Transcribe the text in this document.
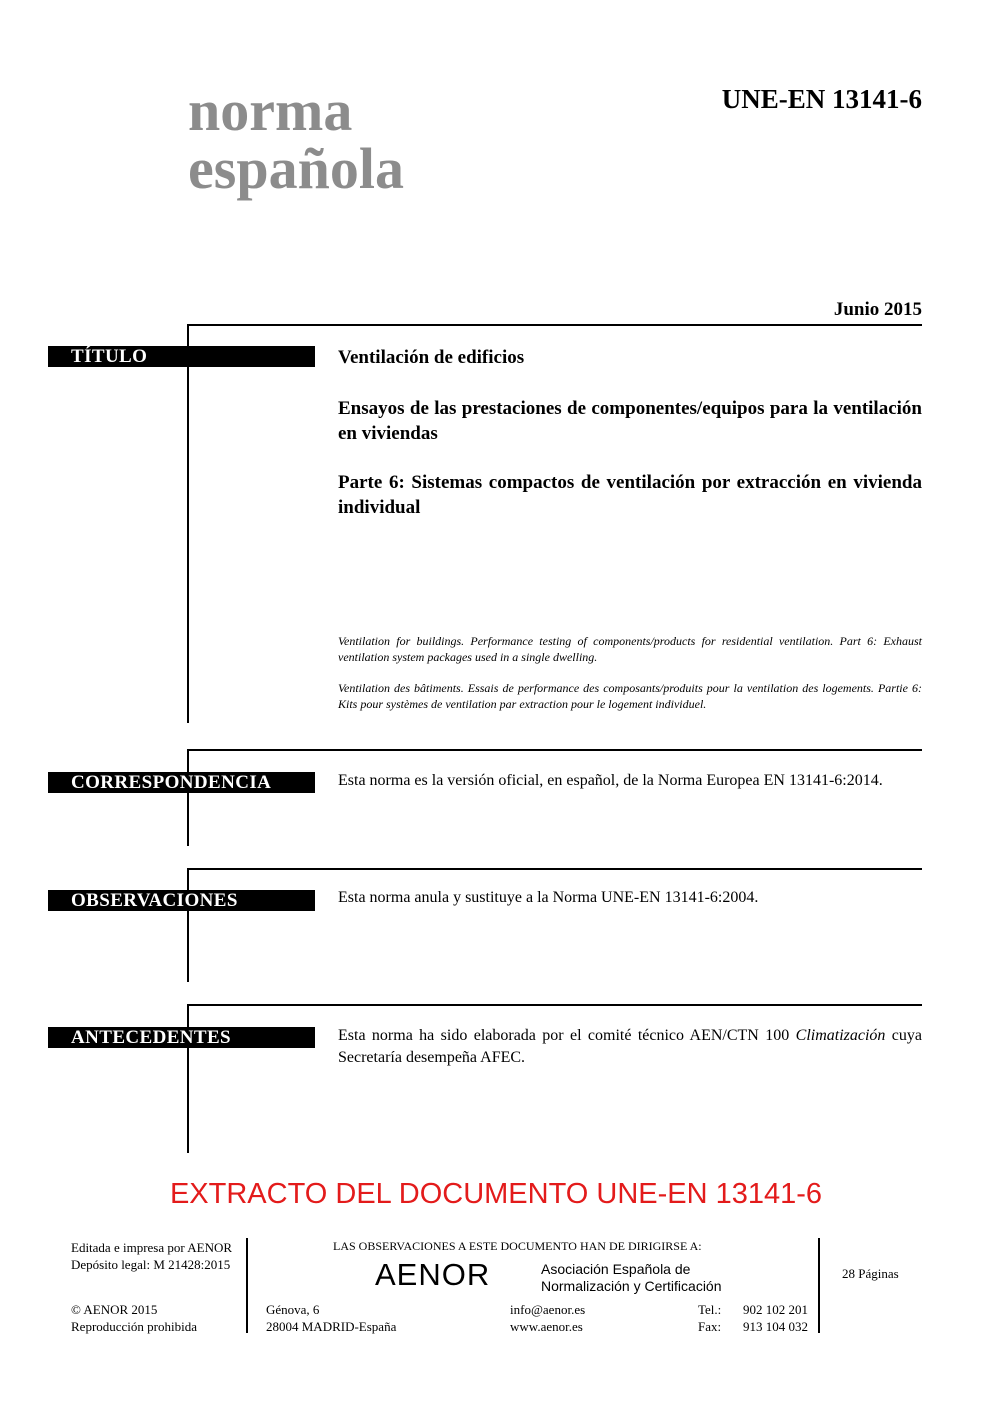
norma
española
UNE-EN 13141-6
Junio 2015
TÍTULO	Ventilación de edificios
Ensayos de las prestaciones de componentes/equipos para la ventilación en viviendas
Parte 6: Sistemas compactos de ventilación por extracción en vivienda individual
Ventilation for buildings. Performance testing of components/products for residential ventilation. Part 6: Exhaust ventilation system packages used in a single dwelling.
Ventilation des bâtiments. Essais de performance des composants/produits pour la ventilation des logements. Partie 6: Kits pour systèmes de ventilation par extraction pour le logement individuel.
CORRESPONDENCIA	Esta norma es la versión oficial, en español, de la Norma Europea EN 13141-6:2014.
OBSERVACIONES	Esta norma anula y sustituye a la Norma UNE-EN 13141-6:2004.
ANTECEDENTES	Esta norma ha sido elaborada por el comité técnico AEN/CTN 100 Climatización cuya Secretaría desempeña AFEC.
EXTRACTO DEL DOCUMENTO UNE-EN 13141-6
Editada e impresa por AENOR
Depósito legal: M 21428:2015
© AENOR 2015
Reproducción prohibida
LAS OBSERVACIONES A ESTE DOCUMENTO HAN DE DIRIGIRSE A:
AENOR	Asociación Española de
Normalización y Certificación
Génova, 6
28004 MADRID-España
info@aenor.es
www.aenor.es
Tel.: 902 102 201
Fax: 913 104 032
28 Páginas
